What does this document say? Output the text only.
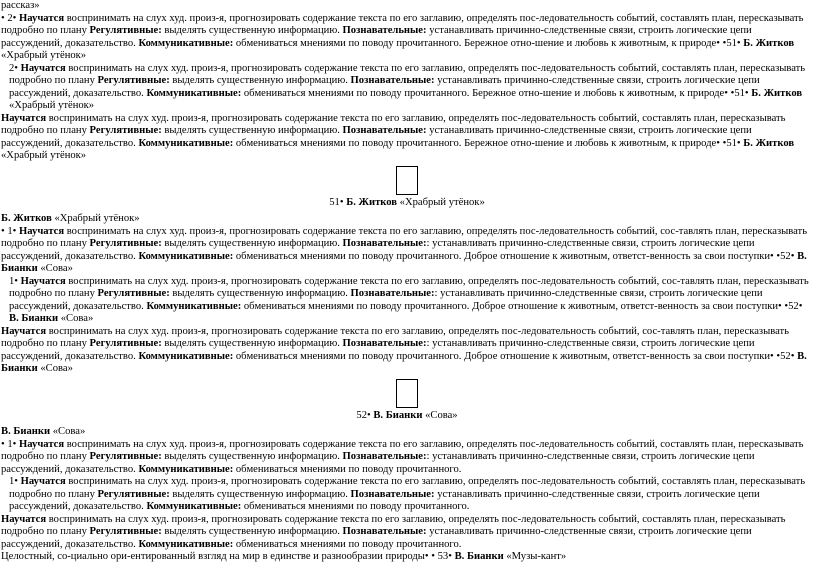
рассказ»

• 2• Научатся воспринимать на слух худ. произ-я, прогнозировать содержание текста по его заглавию, определять пос-ледовательность событий, составлять план, пересказывать подробно по плану Регулятивные: выделять существенную информацию. Познавательные: устанавливать причинно-следственные связи, строить логические цепи рассуждений, доказательство. Коммуникативные: обмениваться мнениями по поводу прочитанного. Бережное отно-шение и любовь к животным, к природе• •51• Б. Житков «Храбрый утёнок»

2• Научатся воспринимать на слух худ. произ-я, прогнозировать содержание текста по его заглавию, определять пос-ледовательность событий, составлять план, пересказывать подробно по плану Регулятивные: выделять существенную информацию. Познавательные: устанавливать причинно-следственные связи, строить логические цепи рассуждений, доказательство. Коммуникативные: обмениваться мнениями по поводу прочитанного. Бережное отно-шение и любовь к животным, к природе• •51• Б. Житков «Храбрый утёнок»

Научатся воспринимать на слух худ. произ-я, прогнозировать содержание текста по его заглавию, определять пос-ледовательность событий, составлять план, пересказывать подробно по плану Регулятивные: выделять существенную информацию. Познавательные: устанавливать причинно-следственные связи, строить логические цепи рассуждений, доказательство. Коммуникативные: обмениваться мнениями по поводу прочитанного. Бережное отно-шение и любовь к животным, к природе• •51• Б. Житков «Храбрый утёнок»

51• Б. Житков «Храбрый утёнок»

Б. Житков «Храбрый утёнок»

• 1• Научатся воспринимать на слух худ. произ-я, прогнозировать содержание текста по его заглавию, определять пос-ледовательность событий, сос-тавлять план, пересказывать подробно по плану Регулятивные: выделять существенную информацию. Познавательные:: устанавливать причинно-следственные связи, строить логические цепи рассуждений, доказательство. Коммуникативные: обмениваться мнениями по поводу прочитанного. Доброе отношение к животным, ответст-венность за свои поступки• •52• В. Бианки «Сова»

1• Научатся воспринимать на слух худ. произ-я, прогнозировать содержание текста по его заглавию, определять пос-ледовательность событий, сос-тавлять план, пересказывать подробно по плану Регулятивные: выделять существенную информацию. Познавательные:: устанавливать причинно-следственные связи, строить логические цепи рассуждений, доказательство. Коммуникативные: обмениваться мнениями по поводу прочитанного. Доброе отношение к животным, ответст-венность за свои поступки• •52• В. Бианки «Сова»

Научатся воспринимать на слух худ. произ-я, прогнозировать содержание текста по его заглавию, определять пос-ледовательность событий, сос-тавлять план, пересказывать подробно по плану Регулятивные: выделять существенную информацию. Познавательные:: устанавливать причинно-следственные связи, строить логические цепи рассуждений, доказательство. Коммуникативные: обмениваться мнениями по поводу прочитанного. Доброе отношение к животным, ответст-венность за свои поступки• •52• В. Бианки «Сова»

52• В. Бианки «Сова»

В. Бианки «Сова»

• 1• Научатся воспринимать на слух худ. произ-я, прогнозировать содержание текста по его заглавию, определять пос-ледовательность событий, составлять план, пересказывать подробно по плану Регулятивные: выделять существенную информацию. Познавательные:: устанавливать причинно-следственные связи, строить логические цепи рассуждений, доказательство. Коммуникативные: обмениваться мнениями по поводу прочитанного.

1• Научатся воспринимать на слух худ. произ-я, прогнозировать содержание текста по его заглавию, определять пос-ледовательность событий, составлять план, пересказывать подробно по плану Регулятивные: выделять существенную информацию. Познавательные: устанавливать причинно-следственные связи, строить логические цепи рассуждений, доказательство. Коммуникативные: обмениваться мнениями по поводу прочитанного.

Научатся воспринимать на слух худ. произ-я, прогнозировать содержание текста по его заглавию, определять пос-ледовательность событий, составлять план, пересказывать подробно по плану Регулятивные: выделять существенную информацию. Познавательные: устанавливать причинно-следственные связи, строить логические цепи рассуждений, доказательство. Коммуникативные: обмениваться мнениями по поводу прочитанного.

Целостный, со-циально ори-ентированный взгляд на мир в единстве и разнообразии природы• • 53• В. Бианки «Музы-кант»
